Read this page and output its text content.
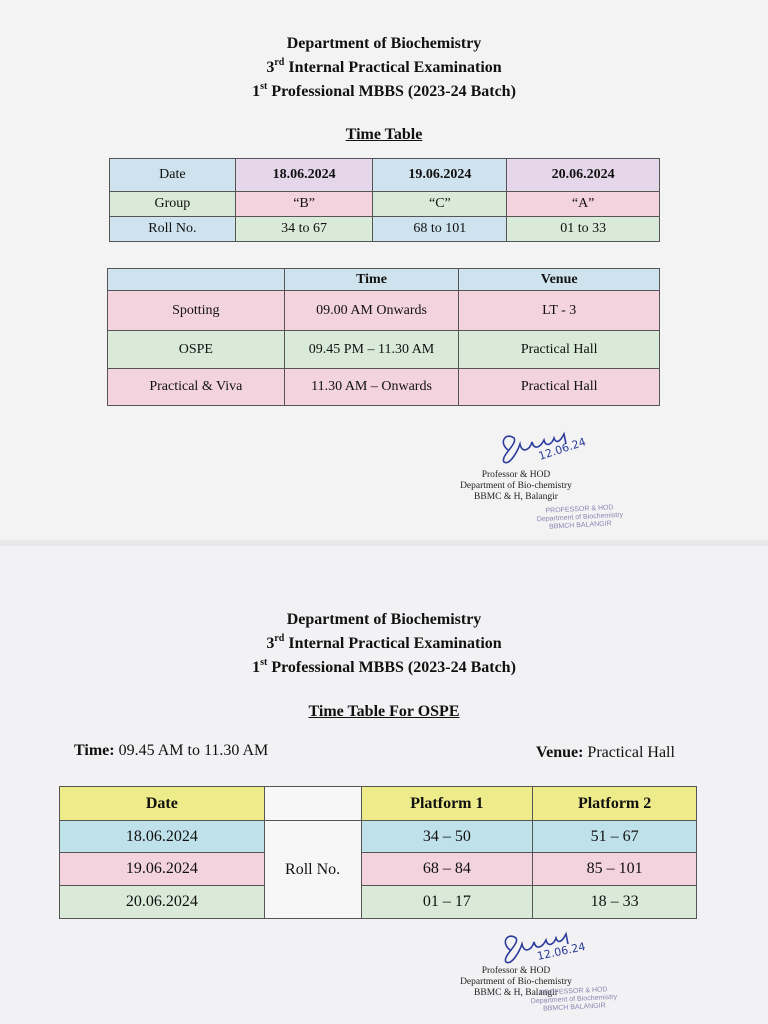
Department of Biochemistry
3rd Internal Practical Examination
1st Professional MBBS (2023-24 Batch)
Time Table
Date	18.06.2024	19.06.2024	20.06.2024
Group	“B”	“C”	“A”
Roll No.	34 to 67	68 to 101	01 to 33
	Time	Venue
Spotting	09.00 AM Onwards	LT - 3
OSPE	09.45 PM – 11.30 AM	Practical Hall
Practical & Viva	11.30 AM – Onwards	Practical Hall
12.06.24
Professor & HOD
Department of Bio-chemistry
BBMC & H, Balangir
PROFESSOR & HOD
Department of Biochemistry
BBMCH BALANGIR
Department of Biochemistry
3rd Internal Practical Examination
1st Professional MBBS (2023-24 Batch)
Time Table For OSPE
Time: 09.45 AM to 11.30 AM	Venue: Practical Hall
Date		Platform 1	Platform 2
18.06.2024	Roll No.	34 – 50	51 – 67
19.06.2024		68 – 84	85 – 101
20.06.2024		01 – 17	18 – 33
12.06.24
Professor & HOD
Department of Bio-chemistry
BBMC & H, Balangir
PROFESSOR & HOD
Department of Biochemistry
BBMCH BALANGIR
